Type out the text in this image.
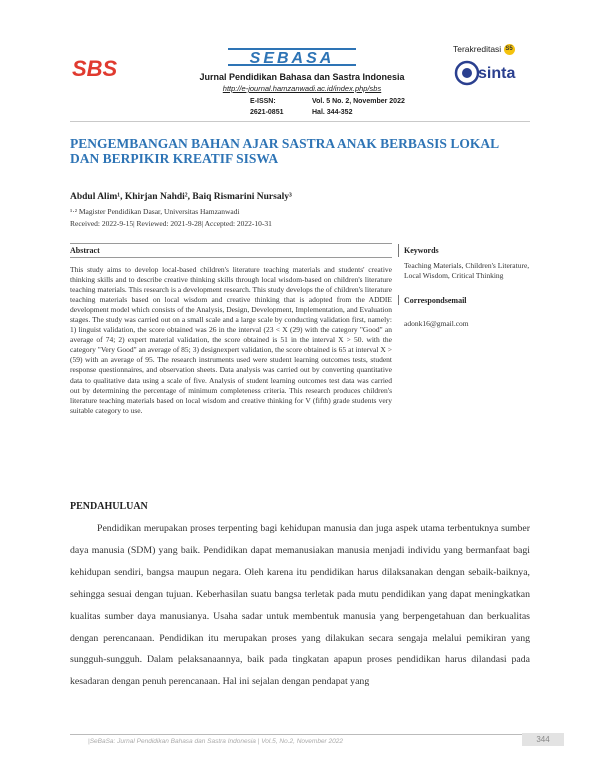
SBS	SEBASA
Jurnal Pendidikan Bahasa dan Sastra Indonesia
http://e-journal.hamzanwadi.ac.id/index.php/sbs
E-ISSN:
2621-0851
Vol. 5 No. 2, November 2022
Hal. 344-352
Terakreditasi S5
sinta
PENGEMBANGAN BAHAN AJAR SASTRA ANAK BERBASIS LOKAL DAN BERPIKIR KREATIF SISWA
Abdul Alim¹, Khirjan Nahdi², Baiq Rismarini Nursaly³
¹·² Magister Pendidikan Dasar, Universitas Hamzanwadi
Received: 2022-9-15| Reviewed: 2021-9-28| Accepted: 2022-10-31
Abstract
This study aims to develop local-based children's literature teaching materials and students' creative thinking skills and to describe creative thinking skills through local wisdom-based on children's literature teaching materials. This research is a development research. This study develops the of children's literature teaching materials based on local wisdom and creative thinking that is adopted from the ADDIE development model which consists of the Analysis, Design, Development, Implementation, and Evaluation stages. The study was carried out on a small scale and a large scale by conducting validation first, namely: 1) linguist validation, the score obtained was 26 in the interval (23 < X (29) with the category "Good" an average of 74; 2) expert material validation, the score obtained is 51 in the interval X > 50. with the category "Very Good" an average of 85; 3) designexpert validation, the score obtained is 65 at interval X > (59) with an average of 95. The research instruments used were student learning outcomes tests, student response questionnaires, and observation sheets. Data analysis was carried out by converting quantitative data to qualitative data using a scale of five. Analysis of student learning outcomes test data was carried out by determining the percentage of minimum completeness criteria. This research produces children's literature teaching materials based on local wisdom and creative thinking for V (fifth) grade students very suitable category to use.
Keywords
Teaching Materials, Children's Literature, Local Wisdom, Critical Thinking
Correspondsemail
adonk16@gmail.com
PENDAHULUAN
Pendidikan merupakan proses terpenting bagi kehidupan manusia dan juga aspek utama terbentuknya sumber daya manusia (SDM) yang baik. Pendidikan dapat memanusiakan manusia menjadi individu yang bermanfaat bagi kehidupan sendiri, bangsa maupun negara. Oleh karena itu pendidikan harus dilaksanakan dengan sebaik-baiknya, sehingga sesuai dengan tujuan. Keberhasilan suatu bangsa terletak pada mutu pendidikan yang dapat meningkatkan kualitas sumber daya manusianya. Usaha sadar untuk membentuk manusia yang berpengetahuan dan berkualitas dengan perencanaan. Pendidikan itu merupakan proses yang dilakukan secara sengaja melalui pemikiran yang sungguh-sungguh. Dalam pelaksanaannya, baik pada tingkatan apapun proses pendidikan harus dilandasi pada kesadaran dengan penuh perencanaan. Hal ini sejalan dengan pendapat yang
|SeBaSa: Jurnal Pendidikan Bahasa dan Sastra Indonesia | Vol.5, No.2, November 2022	344
